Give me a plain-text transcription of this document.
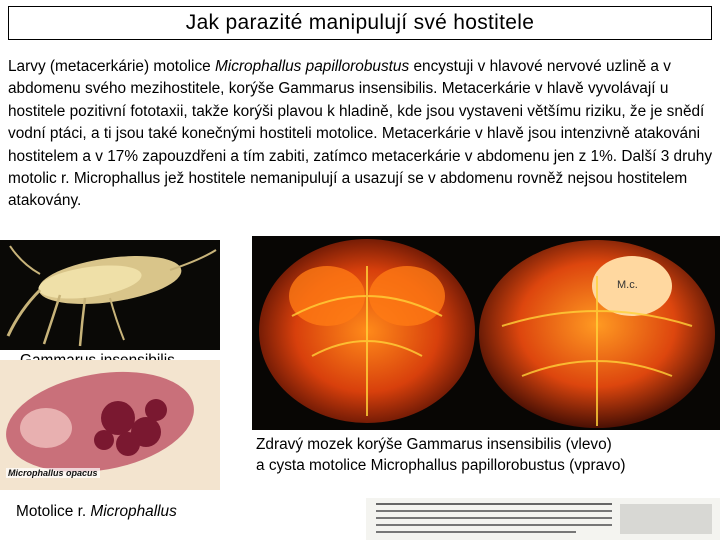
Jak parazité manipulují své hostitele
Larvy (metacerkárie) motolice Microphallus papillorobustus encystuji v hlavové nervové uzlině a v abdomenu svého mezihostitele, korýše Gammarus insensibilis. Metacerkárie v hlavě vyvolávají u hostitele pozitivní fototaxii, takže korýši plavou k hladině, kde jsou vystaveni většímu riziku, že je snědí vodní ptáci, a ti jsou také konečnými hostiteli motolice. Metacerkárie v hlavě jsou intenzivně atakováni hostitelem a v 17% zapouzdřeni a tím zabiti, zatímco metacerkárie v abdomenu jen z 1%. Další 3 druhy motolic r. Microphallus jež hostitele nemanipulují a usazují se v abdomenu rovněž nejsou hostitelem atakovány.
M.c.
Zdravý mozek korýše Gammarus insensibilis (vlevo)
a cysta motolice Microphallus papillorobustus (vpravo)
Microphallus opacus
Motolice r. Microphallus
